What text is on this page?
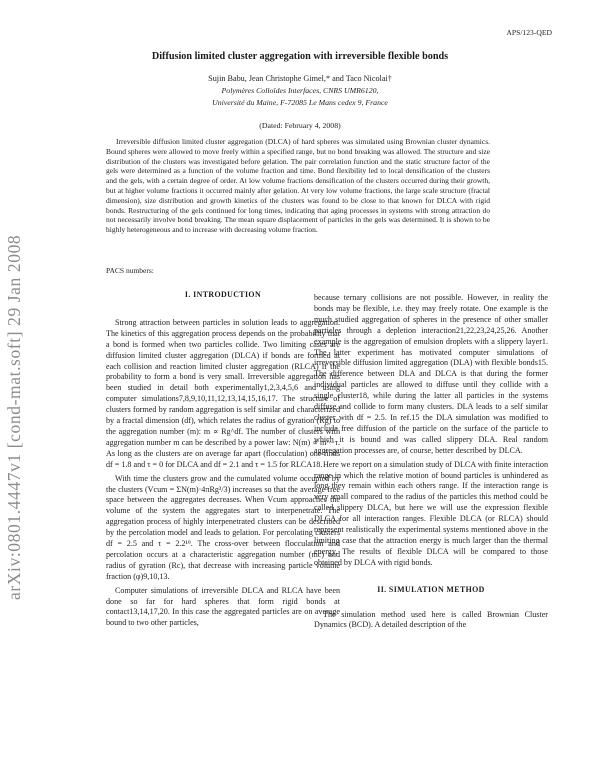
APS/123-QED
arXiv:0801.4447v1 [cond-mat.soft] 29 Jan 2008
Diffusion limited cluster aggregation with irreversible flexible bonds
Sujin Babu, Jean Christophe Gimel,* and Taco Nicolai†
Polymères Colloïdes Interfaces, CNRS UMR6120,
Université du Maine, F-72085 Le Mans cedex 9, France
(Dated: February 4, 2008)

Irreversible diffusion limited cluster aggregation (DLCA) of hard spheres was simulated using Brownian cluster dynamics. Bound spheres were allowed to move freely within a specified range, but no bond breaking was allowed. The structure and size distribution of the clusters was investigated before gelation. The pair correlation function and the static structure factor of the gels were determined as a function of the volume fraction and time. Bond flexibility led to local densification of the clusters and the gels, with a certain degree of order. At low volume fractions densification of the clusters occurred during their growth, but at higher volume fractions it occurred mainly after gelation. At very low volume fractions, the large scale structure (fractal dimension), size distribution and growth kinetics of the clusters was found to be close to that known for DLCA with rigid bonds. Restructuring of the gels continued for long times, indicating that aging processes in systems with strong attraction do not necessarily involve bond breaking. The mean square displacement of particles in the gels was determined. It is shown to be highly heterogeneous and to increase with decreasing volume fraction.

PACS numbers:
I. INTRODUCTION

Strong attraction between particles in solution leads to aggregation. The kinetics of this aggregation process depends on the probability that a bond is formed when two particles collide. Two limiting cases are diffusion limited cluster aggregation (DLCA) if bonds are formed at each collision and reaction limited cluster aggregation (RLCA) if the probability to form a bond is very small. Irreversible aggregation has been studied in detail both experimentally1,2,3,4,5,6 and using computer simulations7,8,9,10,11,12,13,14,15,16,17. The structure of clusters formed by random aggregation is self similar and characterized by a fractal dimension (df), which relates the radius of gyration (Rg) to the aggregation number (m): m ∝ Rg^df. The number of clusters with aggregation number m can be described by a power law: N(m) ∝ m^−τ. As long as the clusters are on average far apart (flocculation) one finds df = 1.8 and τ = 0 for DLCA and df = 2.1 and τ = 1.5 for RLCA18.

With time the clusters grow and the cumulated volume occupied by the clusters (Vcum = ΣN(m)·4πRg³/3) increases so that the average free space between the aggregates decreases. When Vcum approaches the volume of the system the aggregates start to interpenetrate. The aggregation process of highly interpenetrated clusters can be described by the percolation model and leads to gelation. For percolating clusters df = 2.5 and τ = 2.2¹⁹. The cross-over between flocculation and percolation occurs at a characteristic aggregation number (mc) and radius of gyration (Rc), that decrease with increasing particle volume fraction (φ)9,10,13.

Computer simulations of irreversible DLCA and RLCA have been done so far for hard spheres that form rigid bonds at contact13,14,17,20. In this case the aggregated particles are on average bound to two other particles,

because ternary collisions are not possible. However, in reality the bonds may be flexible, i.e. they may freely rotate. One example is the much studied aggregation of spheres in the presence of other smaller particles through a depletion interaction21,22,23,24,25,26. Another example is the aggregation of emulsion droplets with a slippery layer1. The latter experiment has motivated computer simulations of irreversible diffusion limited aggregation (DLA) with flexible bonds15. The difference between DLA and DLCA is that during the former individual particles are allowed to diffuse until they collide with a single cluster18, while during the latter all particles in the systems diffuse and collide to form many clusters. DLA leads to a self similar cluster with df = 2.5. In ref.15 the DLA simulation was modified to include free diffusion of the particle on the surface of the particle to which it is bound and was called slippery DLA. Real random aggregation processes are, of course, better described by DLCA.

Here we report on a simulation study of DLCA with finite interaction range in which the relative motion of bound particles is unhindered as long they remain within each others range. If the interaction range is very small compared to the radius of the particles this method could be called slippery DLCA, but here we will use the expression flexible DLCA for all interaction ranges. Flexible DLCA (or RLCA) should represent realistically the experimental systems mentioned above in the limiting case that the attraction energy is much larger than the thermal energy. The results of flexible DLCA will be compared to those obtained by DLCA with rigid bonds.

II. SIMULATION METHOD

The simulation method used here is called Brownian Cluster Dynamics (BCD). A detailed description of the
